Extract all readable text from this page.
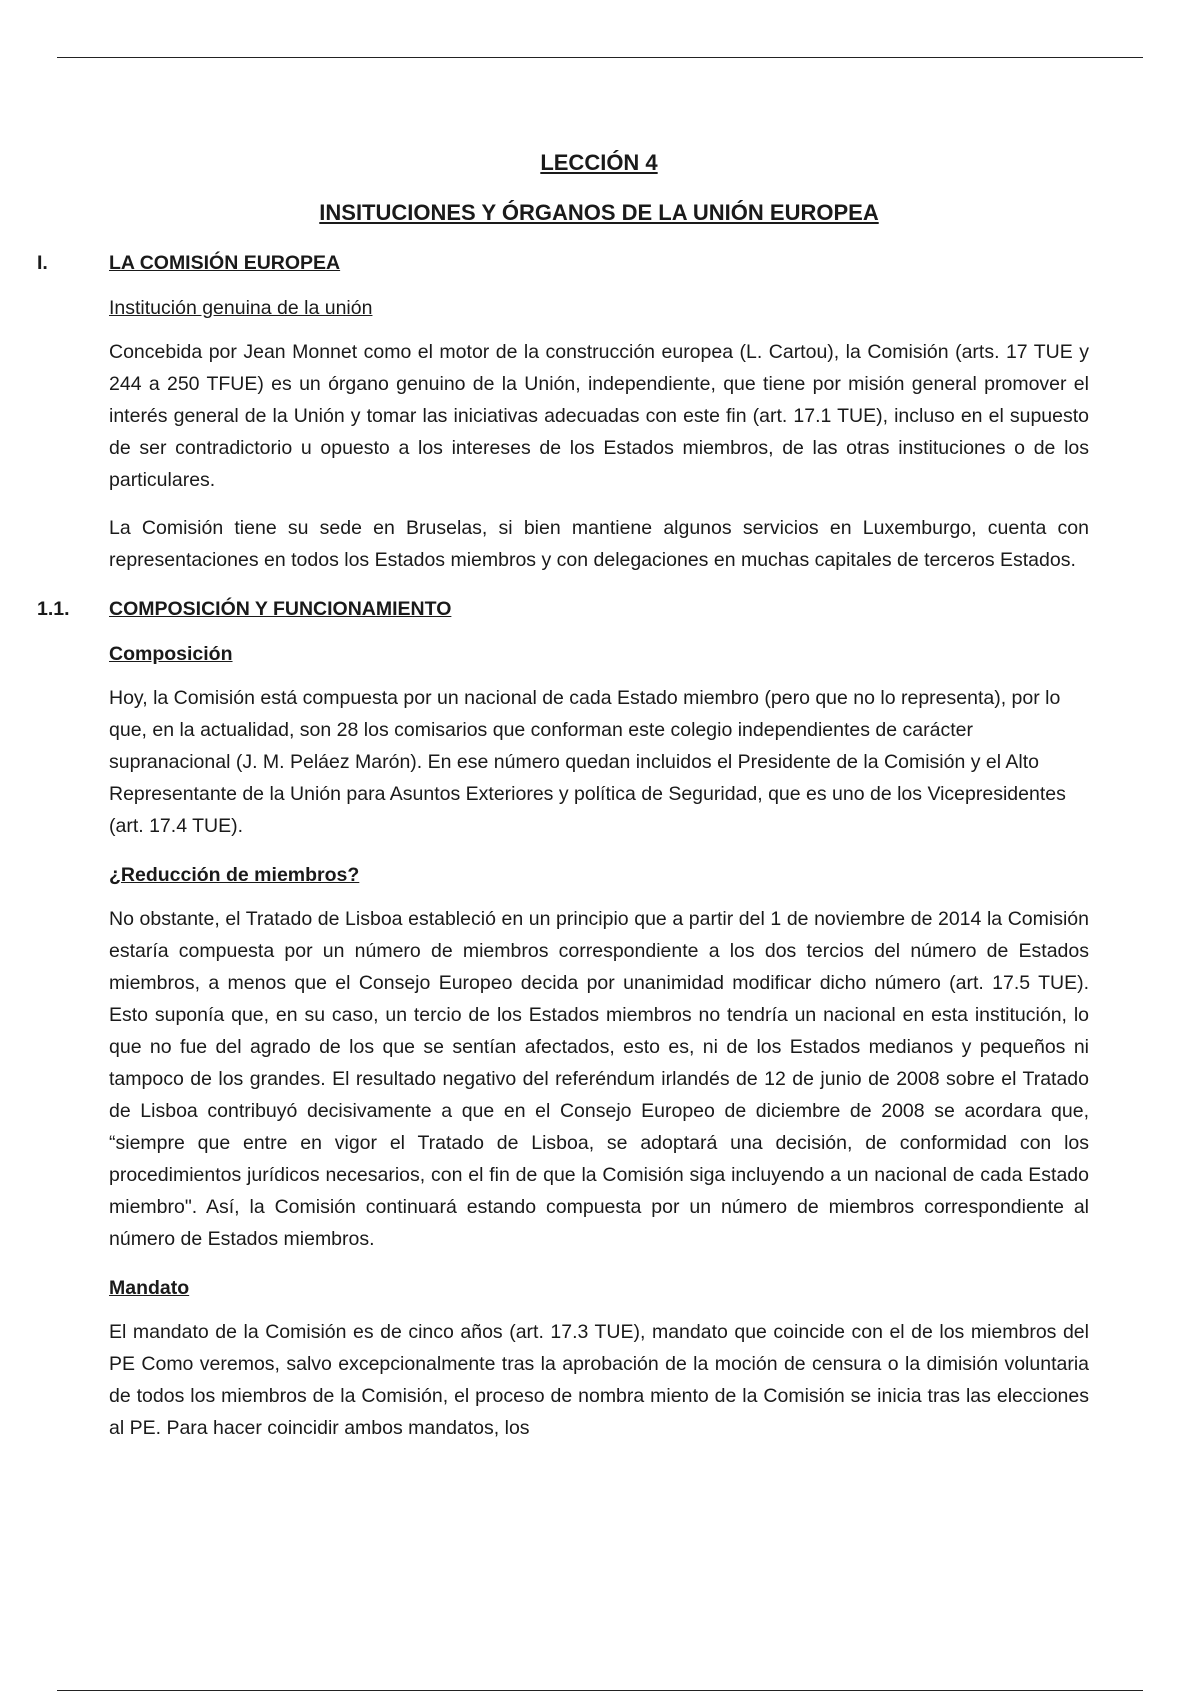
LECCIÓN 4
INSITUCIONES Y ÓRGANOS DE LA UNIÓN EUROPEA
I.	LA COMISIÓN EUROPEA
Institución genuina de la unión

Concebida por Jean Monnet como el motor de la construcción europea (L. Cartou), la Comisión (arts. 17 TUE y 244 a 250 TFUE) es un órgano genuino de la Unión, independiente, que tiene por misión general promover el interés general de la Unión y tomar las iniciativas adecuadas con este fin (art. 17.1 TUE), incluso en el supuesto de ser contradictorio u opuesto a los intereses de los Estados miembros, de las otras instituciones o de los particulares.

La Comisión tiene su sede en Bruselas, si bien mantiene algunos servicios en Luxemburgo, cuenta con representaciones en todos los Estados miembros y con delegaciones en muchas capitales de terceros Estados.

1.1.	COMPOSICIÓN Y FUNCIONAMIENTO
Composición

Hoy, la Comisión está compuesta por un nacional de cada Estado miembro (pero que no lo representa), por lo que, en la actualidad, son 28 los comisarios que conforman este colegio independientes de carácter supranacional (J. M. Peláez Marón). En ese número quedan incluidos el Presidente de la Comisión y el Alto Representante de la Unión para Asuntos Exteriores y política de Seguridad, que es uno de los Vicepresidentes (art. 17.4 TUE).

¿Reducción de miembros?

No obstante, el Tratado de Lisboa estableció en un principio que a partir del 1 de noviembre de 2014 la Comisión estaría compuesta por un número de miembros correspondiente a los dos tercios del número de Estados miembros, a menos que el Consejo Europeo decida por unanimidad modificar dicho número (art. 17.5 TUE). Esto suponía que, en su caso, un tercio de los Estados miembros no tendría un nacional en esta institución, lo que no fue del agrado de los que se sentían afectados, esto es, ni de los Estados medianos y pequeños ni tampoco de los grandes. El resultado negativo del referéndum irlandés de 12 de junio de 2008 sobre el Tratado de Lisboa contribuyó decisivamente a que en el Consejo Europeo de diciembre de 2008 se acordara que, “siempre que entre en vigor el Tratado de Lisboa, se adoptará una decisión, de conformidad con los procedimientos jurídicos necesarios, con el fin de que la Comisión siga incluyendo a un nacional de cada Estado miembro". Así, la Comisión continuará estando compuesta por un número de miembros correspondiente al número de Estados miembros.

Mandato

El mandato de la Comisión es de cinco años (art. 17.3 TUE), mandato que coincide con el de los miembros del PE Como veremos, salvo excepcionalmente tras la aprobación de la moción de censura o la dimisión voluntaria de todos los miembros de la Comisión, el proceso de nombra miento de la Comisión se inicia tras las elecciones al PE. Para hacer coincidir ambos mandatos, los
